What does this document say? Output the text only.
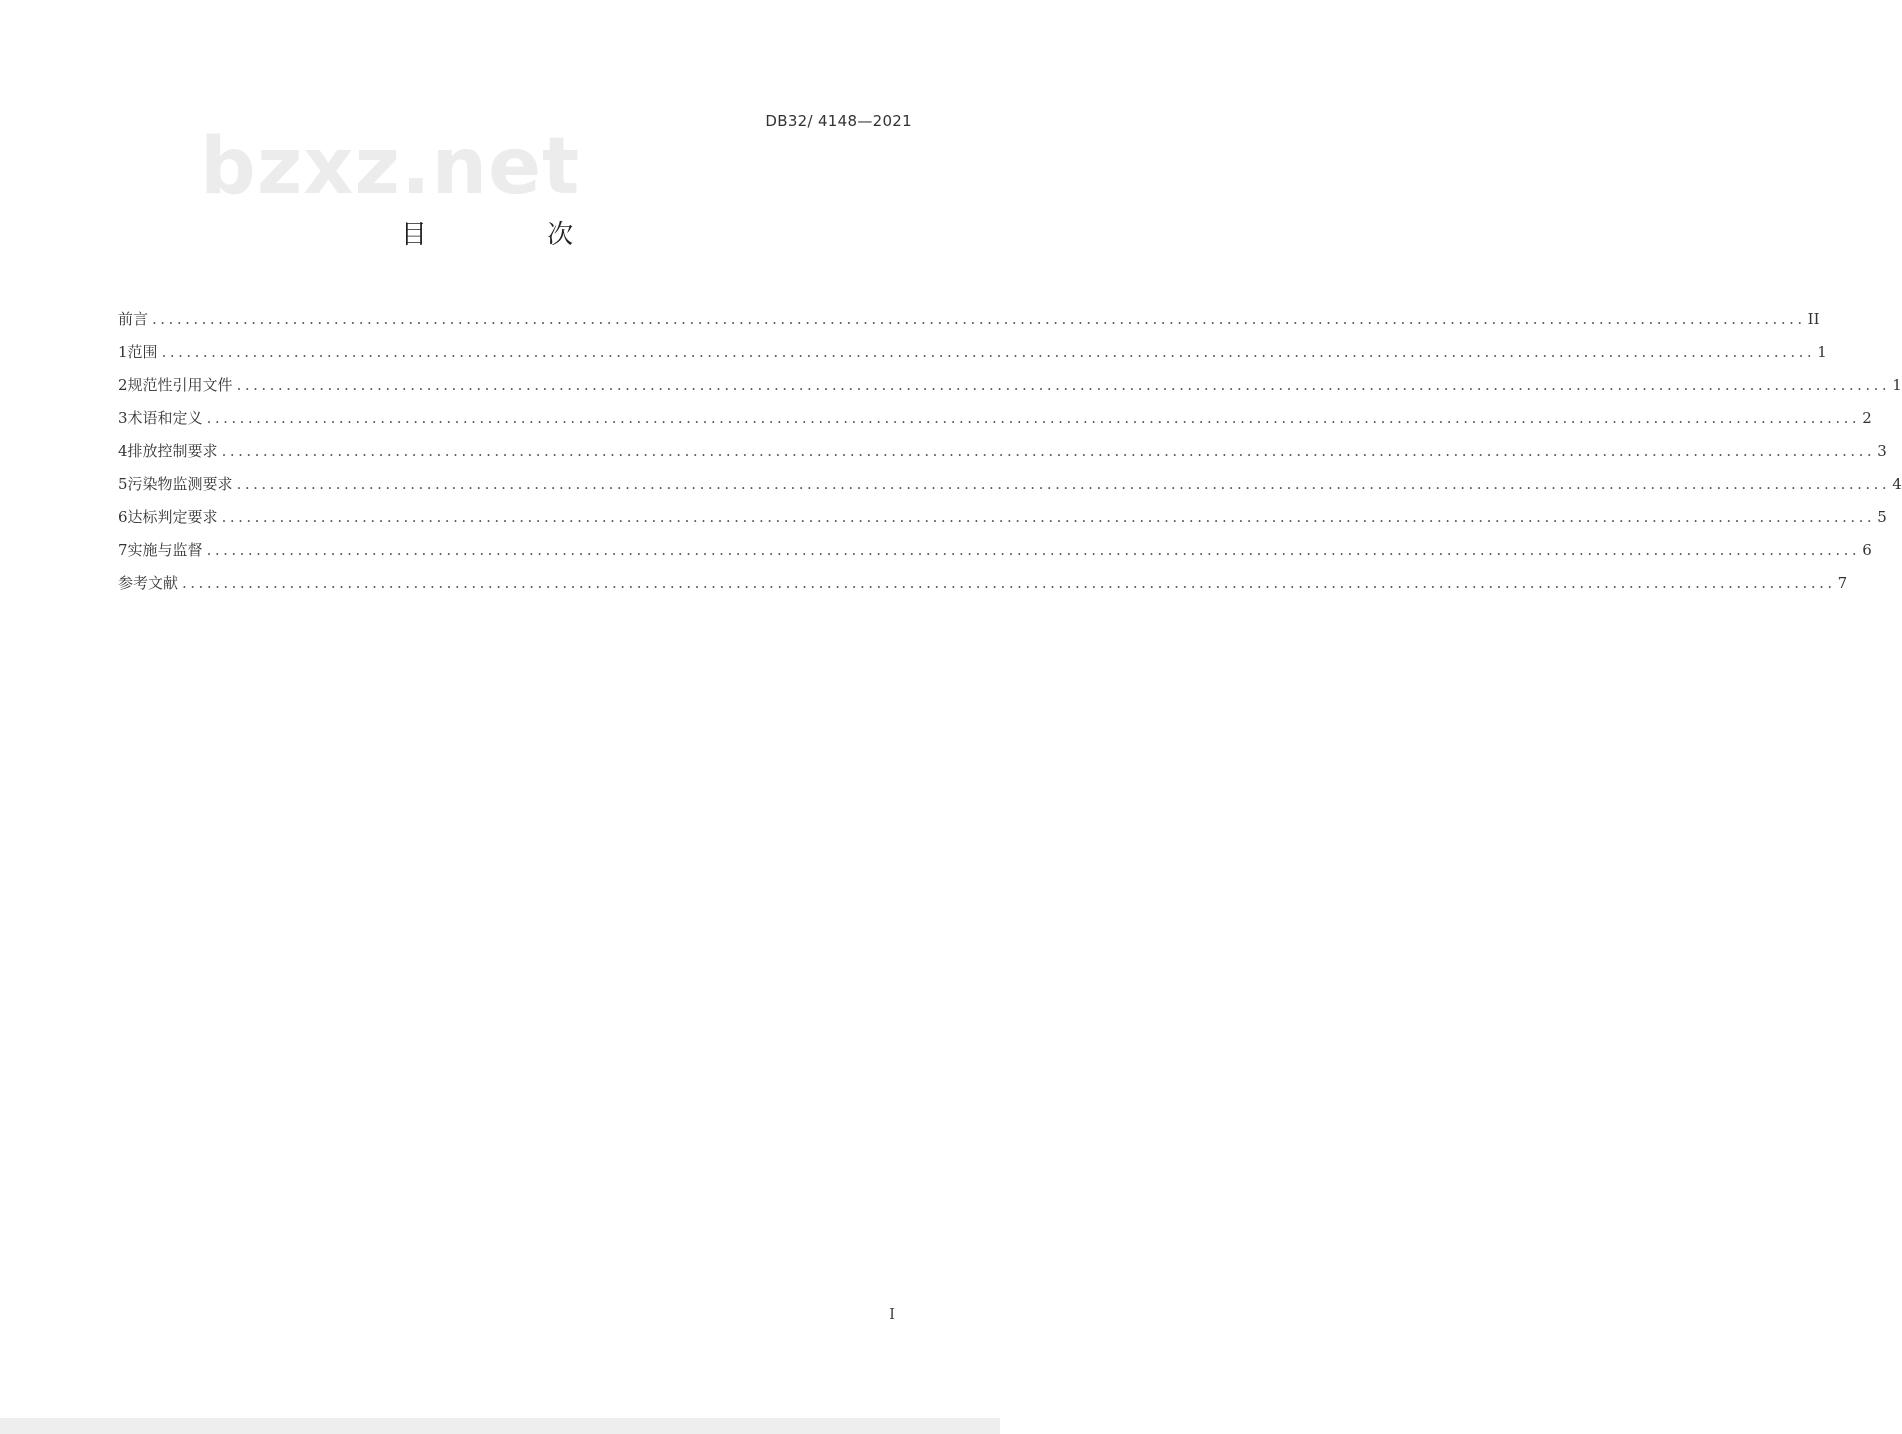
DB32/ 4148—2021
bzxz.net
目 次
前言 ........................................................................................................................................................................................................ II
1 范围 ........................................................................................................................................................................................................ 1
2 规范性引用文件 ........................................................................................................................................................................................................ 1
3 术语和定义 ........................................................................................................................................................................................................ 2
4 排放控制要求 ........................................................................................................................................................................................................ 3
5 污染物监测要求 ........................................................................................................................................................................................................ 4
6 达标判定要求 ........................................................................................................................................................................................................ 5
7 实施与监督 ........................................................................................................................................................................................................ 6
参考文献 ........................................................................................................................................................................................................ 7
I
